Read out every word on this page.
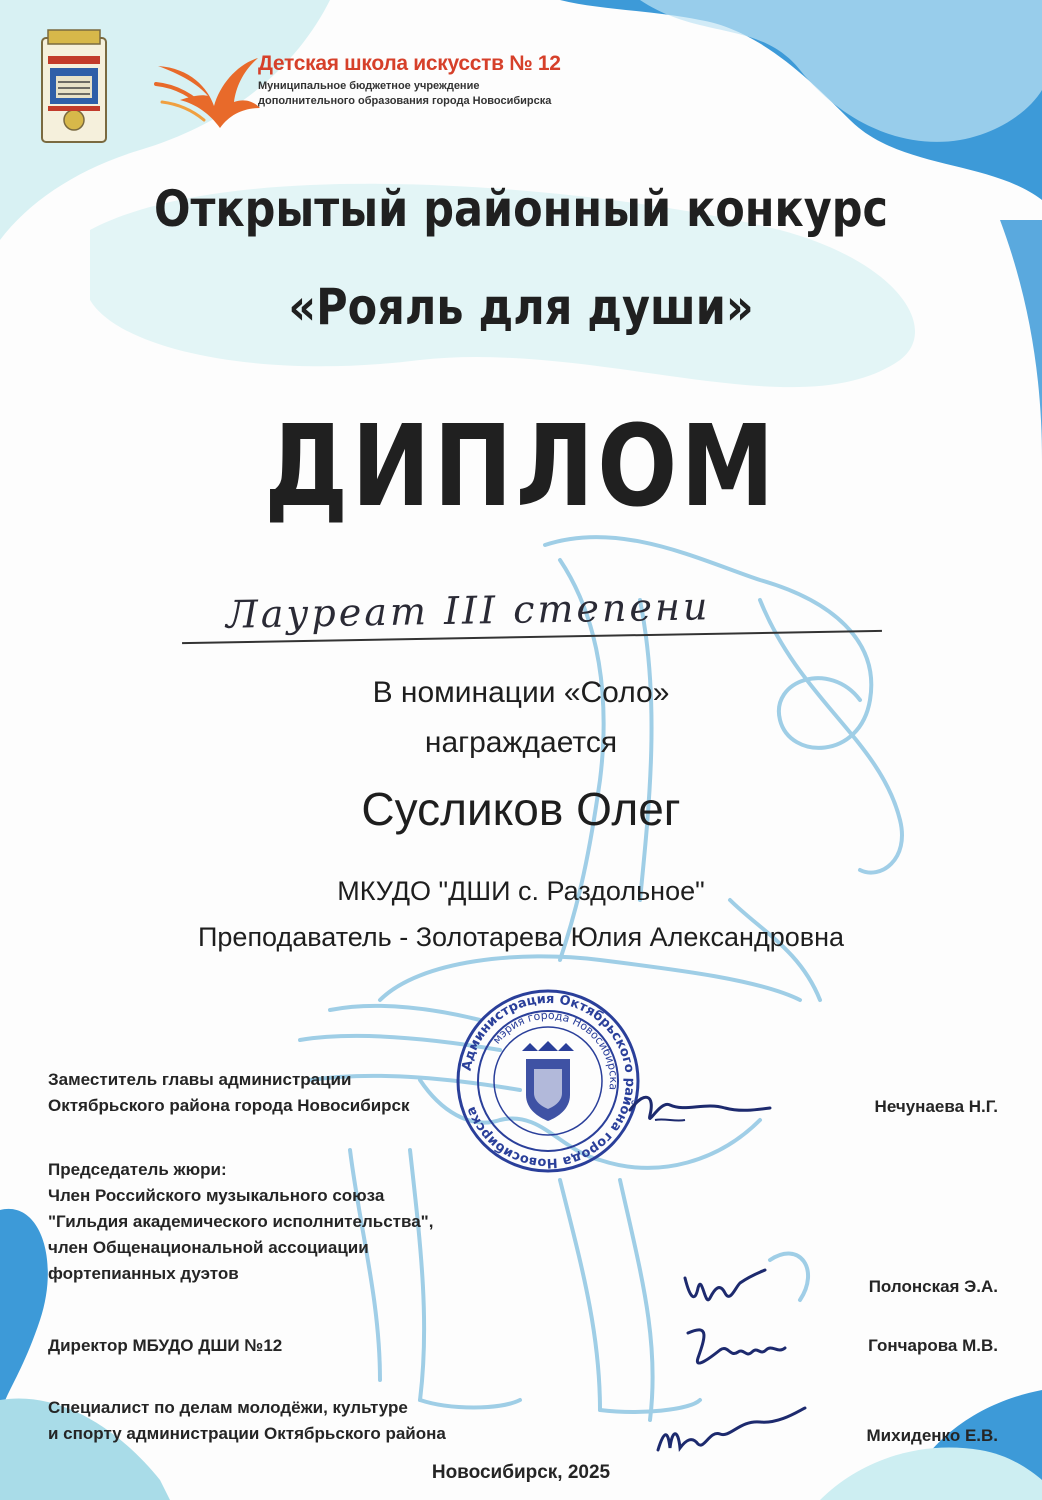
Детская школа искусств № 12
Муниципальное бюджетное учреждение
дополнительного образования города Новосибирска
Открытый районный конкурс
«Рояль для души»
ДИПЛОМ
Лауреат III степени
В номинации «Соло»
награждается
Сусликов Олег
МКУДО "ДШИ с. Раздольное"
Преподаватель - Золотарева Юлия Александровна
Администрация Октябрьского района города Новосибирска
мэрия города Новосибирска
Заместитель главы администрации
Октябрьского района города Новосибирск	Нечунаева Н.Г.
Председатель жюри:
Член Российского музыкального союза
"Гильдия академического исполнительства",
член Общенациональной ассоциации
фортепианных дуэтов
Полонская Э.А.
Директор МБУДО ДШИ №12	Гончарова М.В.
Специалист по делам молодёжи, культуре
и спорту администрации Октябрьского района	Михиденко Е.В.
Новосибирск, 2025
